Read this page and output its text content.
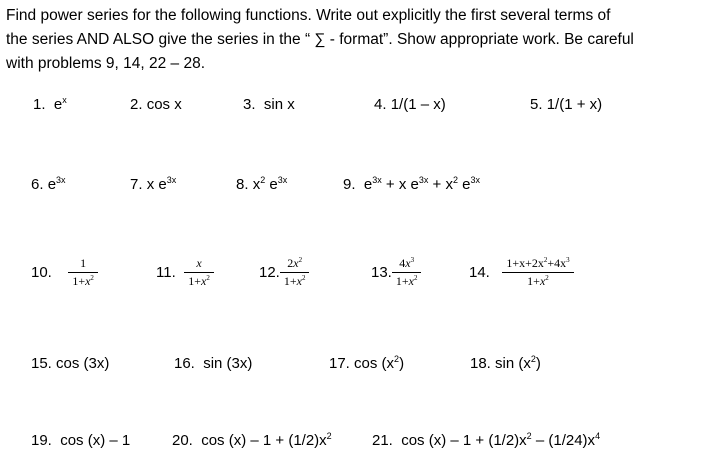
Find power series for the following functions. Write out explicitly the first several terms of
the series AND ALSO give the series in the “ ∑ - format”. Show appropriate work. Be careful
with problems 9, 14, 22 – 28.
1. $e^x$	2. cos x	3. sin x	4. 1/(1 – x)	5. 1/(1 + x)
6. $e^{3x}$	7. x $e^{3x}$	8. $x^2$ $e^{3x}$	9. $e^{3x} + x$ $e^{3x} + x^2$ $e^{3x}$
10. $\frac{1}{1+x^2}$	11. $\frac{x}{1+x^2}$	12. $\frac{2x^2}{1+x^2}$	13. $\frac{4x^3}{1+x^2}$	14. $\frac{1+x+2x^2+4x^3}{1+x^2}$
15. cos (3x)	16. sin (3x)	17. $\cos (x^2)$	18. $\sin (x^2)$
19. cos (x) – 1	20. $\cos (x) - 1 + (1/2)x^2$	21. $\cos (x) - 1 + (1/2)x^2 - (1/24)x^4$
